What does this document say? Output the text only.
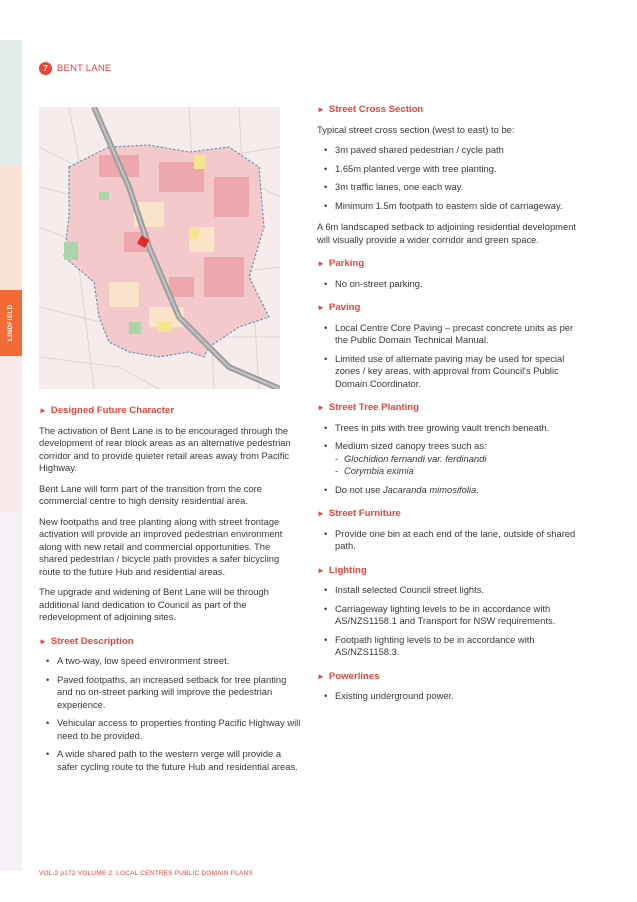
LINDFIELD
7 BENT LANE
► Designed Future Character

The activation of Bent Lane is to be encouraged through the development of rear block areas as an alternative pedestrian corridor and to provide quieter retail areas away from Pacific Highway.

Bent Lane will form part of the transition from the core commercial centre to high density residential area.

New footpaths and tree planting along with street frontage activation will provide an improved pedestrian environment along with new retail and commercial opportunities. The shared pedestrian / bicycle path provides a safer bicycling route to the future Hub and residential areas.

The upgrade and widening of Bent Lane will be through additional land dedication to Council as part of the redevelopment of adjoining sites.

► Street Description
• A two-way, low speed environment street.
• Paved footpaths, an increased setback for tree planting and no on-street parking will improve the pedestrian experience.
• Vehicular access to properties fronting Pacific Highway will need to be provided.
• A wide shared path to the western verge will provide a safer cycling route to the future Hub and residential areas.
► Street Cross Section

Typical street cross section (west to east) to be:

• 3m paved shared pedestrian / cycle path
• 1.65m planted verge with tree planting.
• 3m traffic lanes, one each way.
• Minimum 1.5m footpath to eastern side of carriageway.

A 6m landscaped setback to adjoining residential development will visually provide a wider corridor and green space.

► Parking
• No on-street parking.
► Paving
• Local Centre Core Paving – precast concrete units as per the Public Domain Technical Manual.
• Limited use of alternate paving may be used for special zones / key areas, with approval from Council's Public Domain Coordinator.
► Street Tree Planting
• Trees in pits with tree growing vault trench beneath.
• Medium sized canopy trees such as:
- Glochidion fernandi var. ferdinandi
- Corymbia eximia
• Do not use Jacaranda mimosifolia.
► Street Furniture
• Provide one bin at each end of the lane, outside of shared path.
► Lighting
• Install selected Council street lights.
• Carriageway lighting levels to be in accordance with AS/NZS1158.1 and Transport for NSW requirements.
• Footpath lighting levels to be in accordance with AS/NZS1158.3.
► Powerlines
• Existing underground power.
VOL.2 p172 VOLUME 2: LOCAL CENTRES PUBLIC DOMAIN PLANS
